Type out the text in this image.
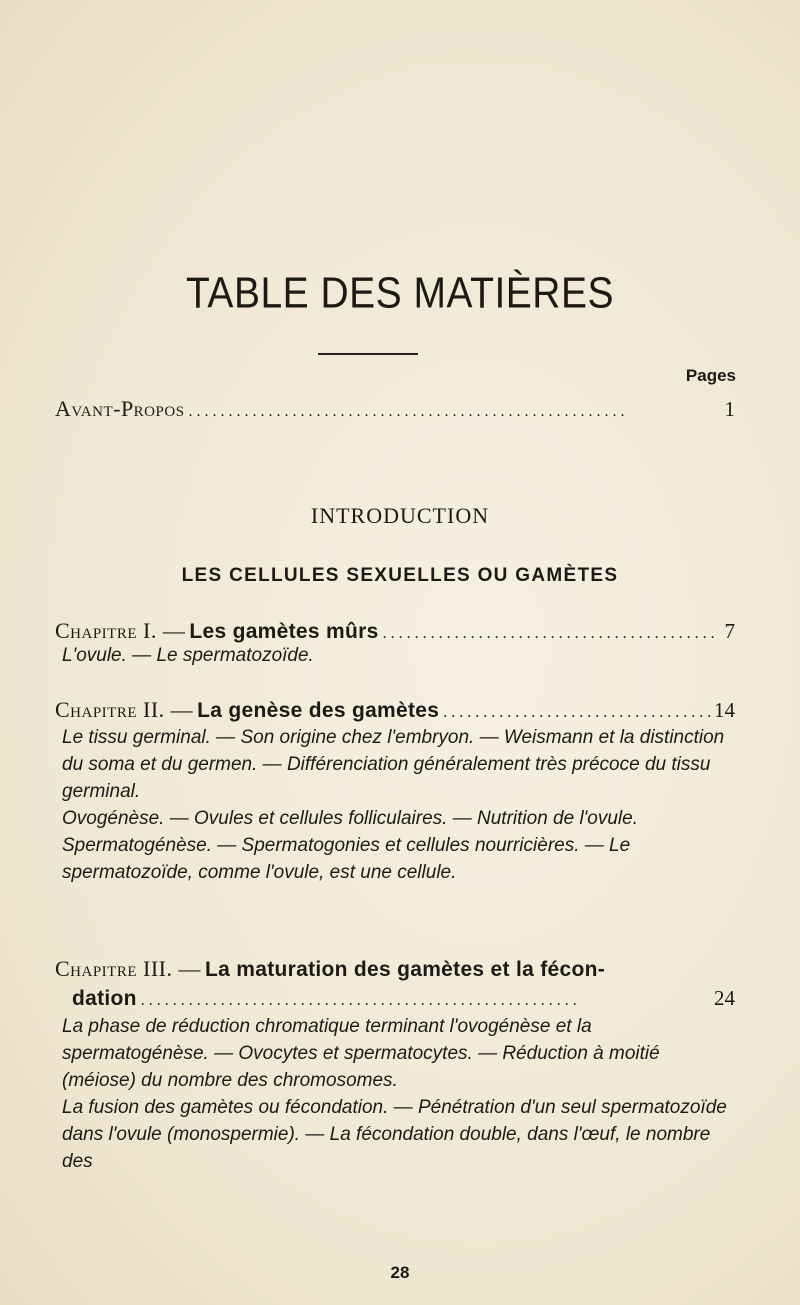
TABLE DES MATIÈRES
Pages
Avant-Propos . . .	1
INTRODUCTION
LES CELLULES SEXUELLES OU GAMÈTES
Chapitre I. —
Les gamètes mûrs . . .	7

L'ovule. — Le spermatozoïde.

Chapitre II. —
La genèse des gamètes . . .	14

Le tissu germinal. — Son origine chez l'embryon. — Weismann et la distinction du soma et du germen. — Différenciation généralement très précoce du tissu germinal.

Ovogénèse. — Ovules et cellules folliculaires. — Nutrition de l'ovule.

Spermatogénèse. — Spermatogonies et cellules nourricières. — Le spermatozoïde, comme l'ovule, est une cellule.

Chapitre III. —
La maturation des gamètes et la fécon-
dation . . .	24

La phase de réduction chromatique terminant l'ovogénèse et la spermatogénèse. — Ovocytes et spermatocytes. — Réduction à moitié (méiose) du nombre des chromosomes.

La fusion des gamètes ou fécondation. — Pénétration d'un seul spermatozoïde dans l'ovule (monospermie). — La fécondation double, dans l'œuf, le nombre des

28
